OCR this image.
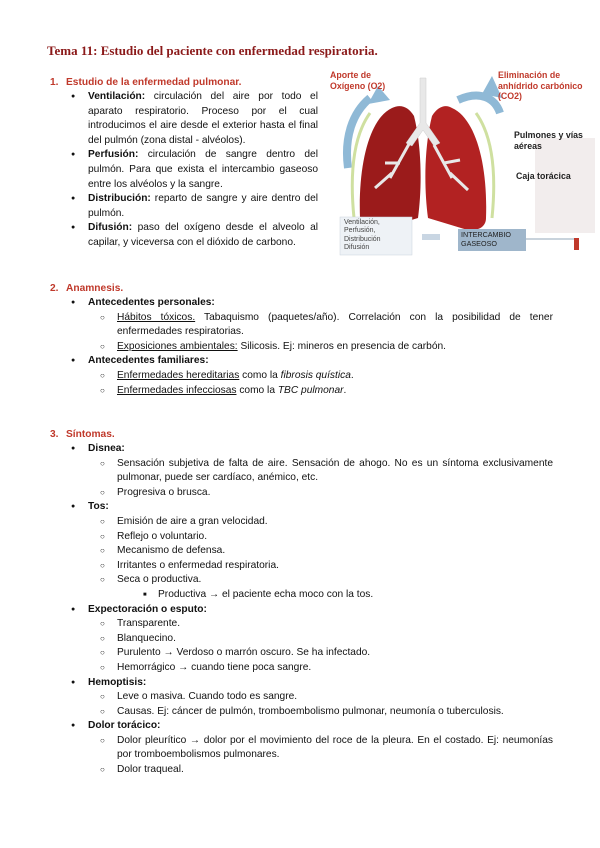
Tema 11: Estudio del paciente con enfermedad respiratoria.
1. Estudio de la enfermedad pulmonar.
● Ventilación: circulación del aire por todo el aparato respiratorio. Proceso por el cual introducimos el aire desde el exterior hasta el final del pulmón (zona distal - alvéolos).
● Perfusión: circulación de sangre dentro del pulmón. Para que exista el intercambio gaseoso entre los alvéolos y la sangre.
● Distribución: reparto de sangre y aire dentro del pulmón.
● Difusión: paso del oxígeno desde el alveolo al capilar, y viceversa con el dióxido de carbono.
Aporte de Oxígeno (O2)
Eliminación de anhídrido carbónico (CO2)
Pulmones y vías aéreas
Caja torácica
Ventilación,
Perfusión,
Distribución
Difusión
INTERCAMBIO
GASEOSO
2. Anamnesis.
● Antecedentes personales:
○ Hábitos tóxicos. Tabaquismo (paquetes/año). Correlación con la posibilidad de tener enfermedades respiratorias.
○ Exposiciones ambientales: Silicosis. Ej: mineros en presencia de carbón.
● Antecedentes familiares:
○ Enfermedades hereditarias como la fibrosis quística.
○ Enfermedades infecciosas como la TBC pulmonar.
3. Síntomas.
● Disnea:
○ Sensación subjetiva de falta de aire. Sensación de ahogo. No es un síntoma exclusivamente pulmonar, puede ser cardíaco, anémico, etc.
○ Progresiva o brusca.
● Tos:
○ Emisión de aire a gran velocidad.
○ Reflejo o voluntario.
○ Mecanismo de defensa.
○ Irritantes o enfermedad respiratoria.
○ Seca o productiva.
■ Productiva → el paciente echa moco con la tos.
● Expectoración o esputo:
○ Transparente.
○ Blanquecino.
○ Purulento → Verdoso o marrón oscuro. Se ha infectado.
○ Hemorrágico → cuando tiene poca sangre.
● Hemoptisis:
○ Leve o masiva. Cuando todo es sangre.
○ Causas. Ej: cáncer de pulmón, tromboembolismo pulmonar, neumonía o tuberculosis.
● Dolor torácico:
○ Dolor pleurítico → dolor por el movimiento del roce de la pleura. En el costado. Ej: neumonías por tromboembolismos pulmonares.
○ Dolor traqueal.
